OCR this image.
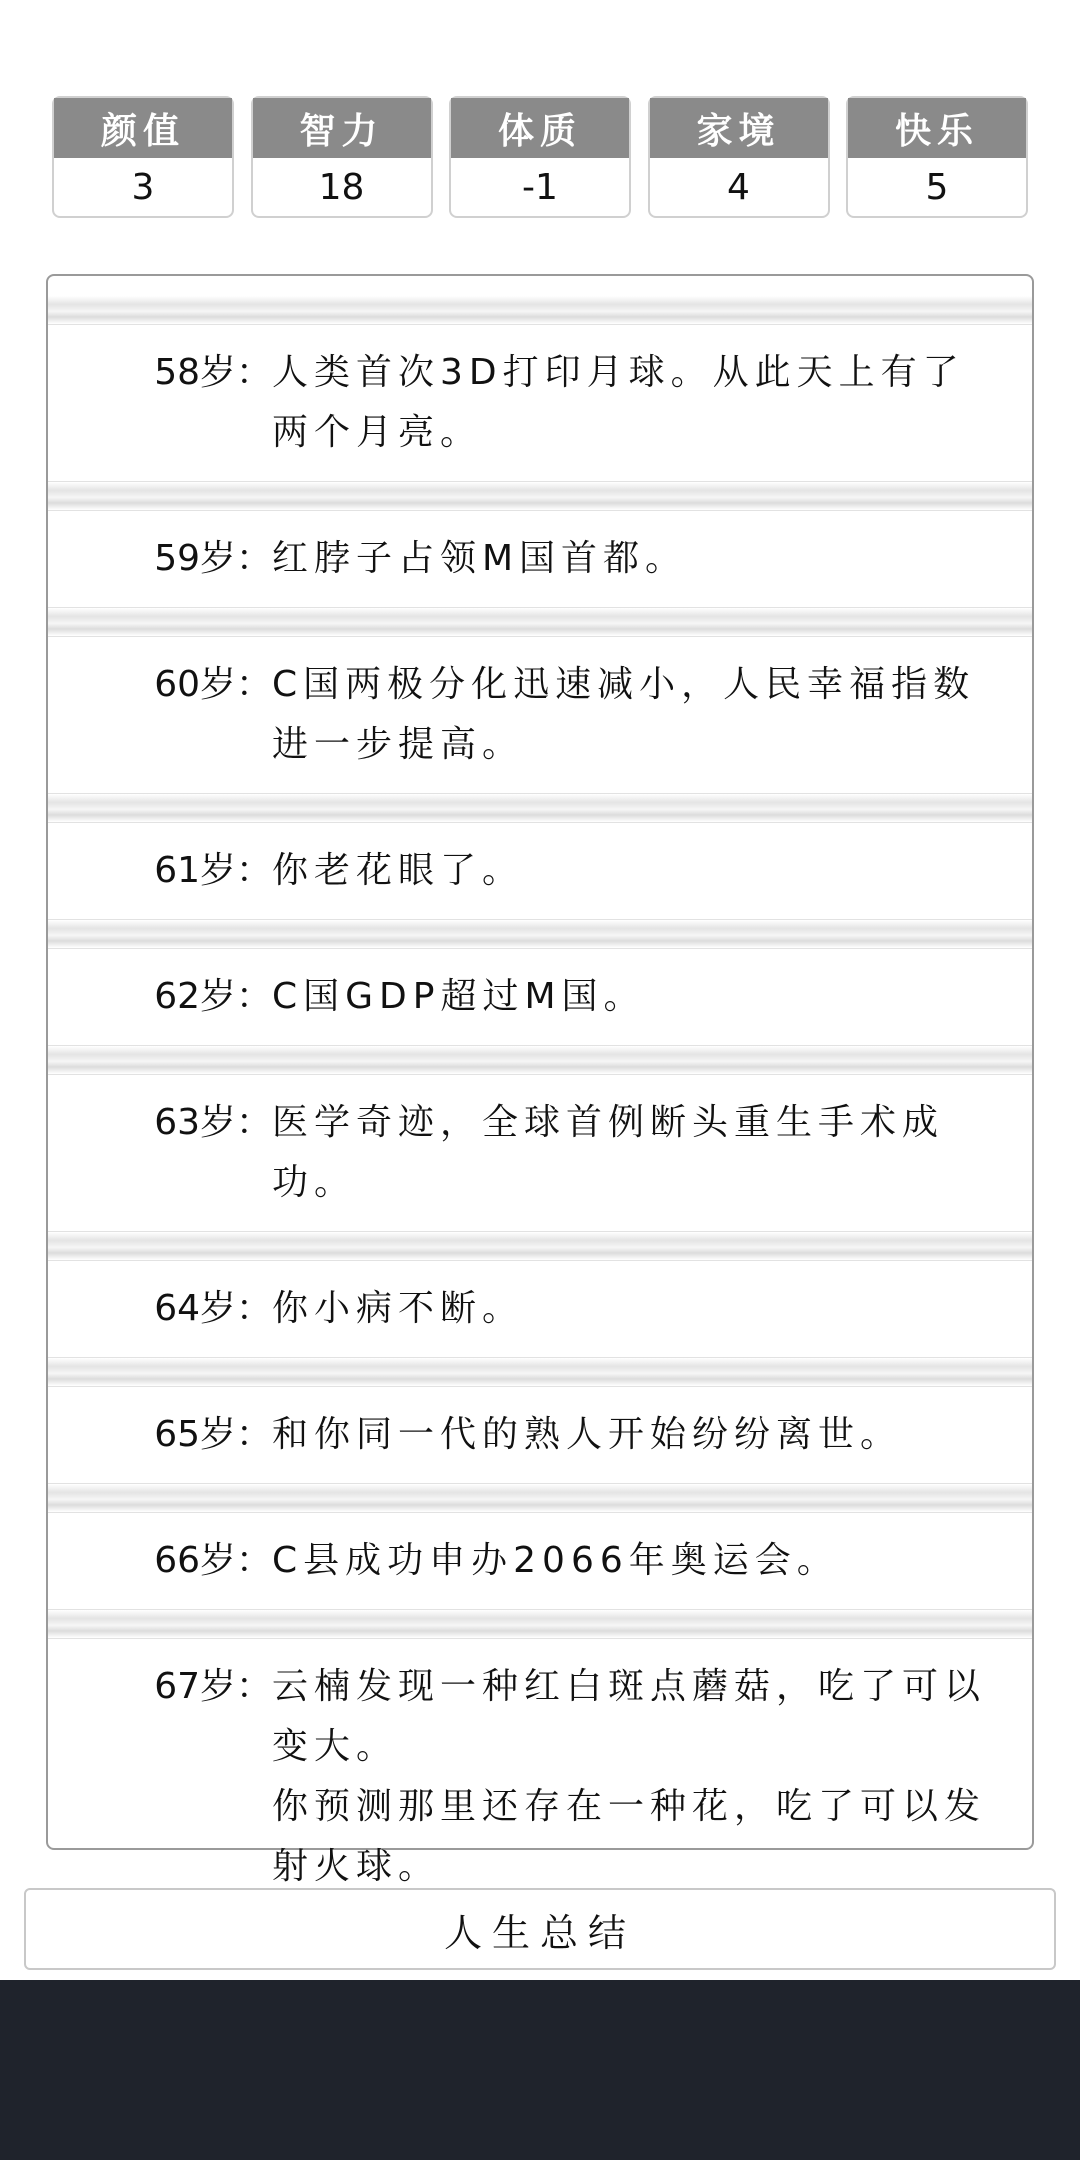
颜值
3
智力
18
体质
-1
家境
4
快乐
5
58岁： 人类首次3D打印月球。从此天上有了两个月亮。
59岁： 红脖子占领M国首都。
60岁： C国两极分化迅速减小，人民幸福指数进一步提高。
61岁： 你老花眼了。
62岁： C国GDP超过M国。
63岁： 医学奇迹，全球首例断头重生手术成功。
64岁： 你小病不断。
65岁： 和你同一代的熟人开始纷纷离世。
66岁： C县成功申办2066年奥运会。
67岁： 云楠发现一种红白斑点蘑菇，吃了可以变大。
你预测那里还存在一种花，吃了可以发射火球。
人生总结
